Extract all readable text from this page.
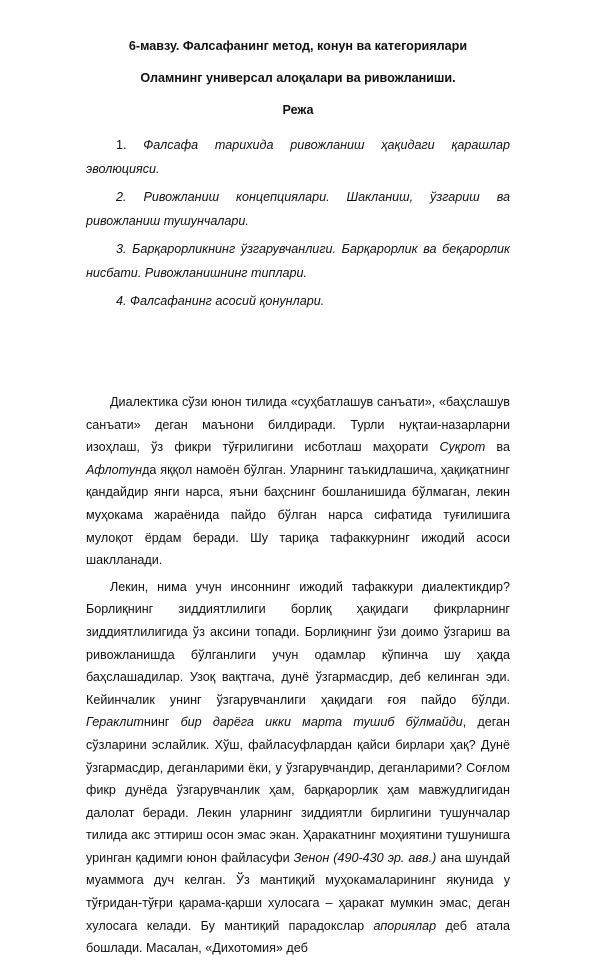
6-мавзу. Фалсафанинг метод, конун ва категориялари
Оламнинг универсал алоқалари ва ривожланиши.
Режа

1. Фалсафа тарихида ривожланиш ҳақидаги қарашлар эволюцияси.

2. Ривожланиш концепциялари. Шакланиш, ўзгариш ва ривожланиш тушунчалари.

3. Барқарорликнинг ўзгарувчанлиги. Барқарорлик ва беқарорлик нисбати. Ривожланишнинг типлари.

4. Фалсафанинг асосий қонунлари.

Диалектика сўзи юнон тилида «суҳбатлашув санъати», «баҳслашув санъати» деган маънони билдиради. Турли нуқтаи-назарларни изоҳлаш, ўз фикри тўғрилигини исботлаш маҳорати Суқрот ва Афлотунда яққол намоён бўлган. Уларнинг таъкидлашича, ҳақиқатнинг қандайдир янги нарса, яъни баҳснинг бошланишида бўлмаган, лекин муҳокама жараёнида пайдо бўлган нарса сифатида туғилишига мулоқот ёрдам беради. Шу тариқа тафаккурнинг ижодий асоси шаклланади.

Лекин, нима учун инсоннинг ижодий тафаккури диалектикдир? Борлиқнинг зиддиятлилиги борлиқ ҳақидаги фикрларнинг зиддиятлилигида ўз аксини топади. Борлиқнинг ўзи доимо ўзгариш ва ривожланишда бўлганлиги учун одамлар кўпинча шу ҳақда баҳслашадилар. Узоқ вақтгача, дунё ўзгармасдир, деб келинган эди. Кейинчалик унинг ўзгарувчанлиги ҳақидаги ғоя пайдо бўлди. Гераклитнинг бир дарёга икки марта тушиб бўлмайди, деган сўзларини эслайлик. Хўш, файласуфлардан қайси бирлари ҳақ? Дунё ўзгармасдир, деганларими ёки, у ўзгарувчандир, деганларими? Соғлом фикр дунёда ўзгарувчанлик ҳам, барқарорлик ҳам мавжудлигидан далолат беради. Лекин уларнинг зиддиятли бирлигини тушунчалар тилида акс эттириш осон эмас экан. Ҳаракатнинг моҳиятини тушунишга уринган қадимги юнон файласуфи Зенон (490-430 эр. авв.) ана шундай муаммога дуч келган. Ўз мантиқий муҳокамаларининг якунида у тўғридан-тўғри қарама-қарши хулосага – ҳаракат мумкин эмас, деган хулосага келади. Бу мантиқий парадокслар апориялар деб атала бошлади. Масалан, «Дихотомия» деб
